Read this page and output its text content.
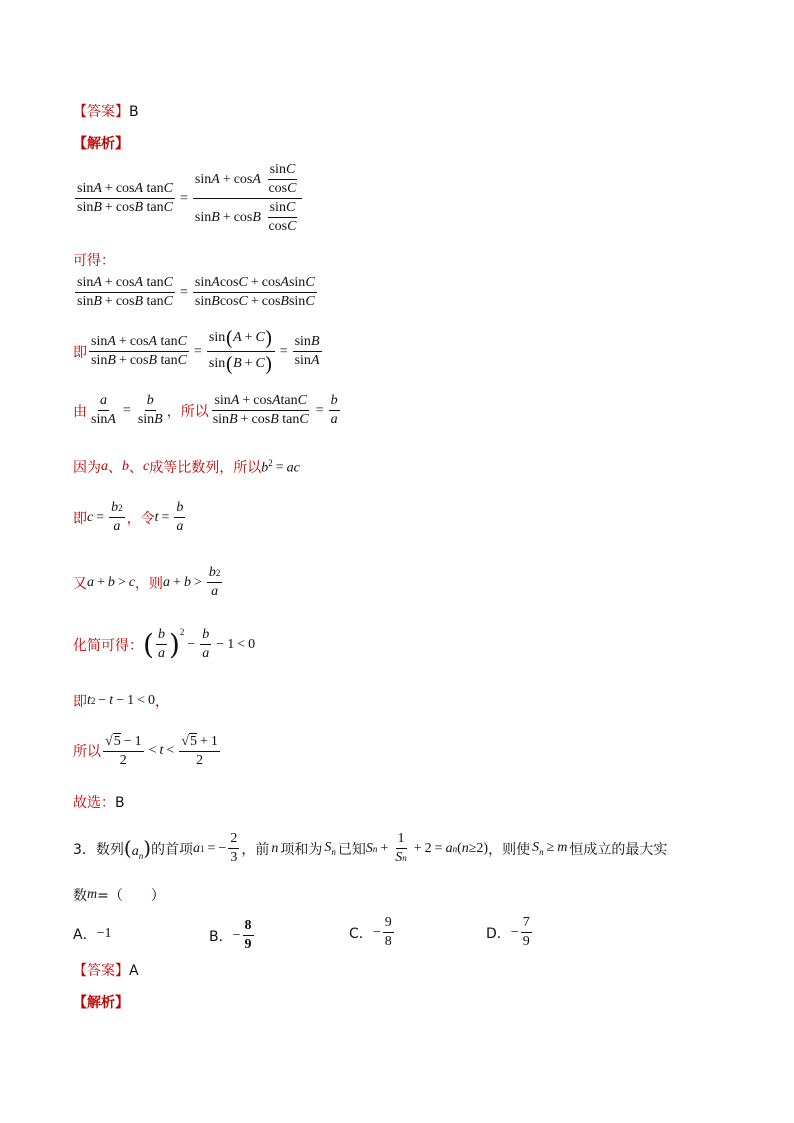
【答案】B
【解析】
$\frac{\text{sin A + cos A tan C}}{\text{sin B + cos B tan C}} = \sin A + \cos A$
$\frac{\text{sin C}}{\text{cos C}}$
sin B + cos B
$\frac{\text{sin C}}{\text{cos C}}$
可得：
$\frac{\text{sin A + cos A tan C}}{\text{sin B + cos B tan C}} = \frac{\text{sin A cos C + cos A sin C}}{\text{sin B cos C + cos B sin C}}$
即 $\frac{\text{sin A + cos A tan C}}{\text{sin B + cos B tan C}} = \frac{\sin ( A + C )}{\sin ( B + C )} = \frac{\text{sin B}}{\text{sin A}}$
由 $\frac{a}{\text{sin A}} = \frac{b}{\text{sin B}}$ ，所以 $\frac{\text{sin A + cos A tan C}}{\text{sin B + cos B tan C}} = \frac{b}{a}$
因为 a 、 b 、 c 成等比数列，所以 $b^2$ = ac
即 $c = \frac{b 2}{a}$ ，令 $t = \frac{b}{a}$
又 a + b > c ，则 $a + b > \frac{b 2}{a}$
化简可得： ( $\frac{b}{a}$ ) 2
− $\frac{b}{a} - 1 < 0$
即 t 2 − t − 1 < 0 ，
所以 $\frac{√ 5 - 1}{2} < t < \frac{√ 5 + 1}{2}$
故选：B
3． 数列 $(a_n)$ 的首项 a 1 = − $\frac{2}{3}$ ，前 n 项和为 $S_n$ 已知 S $n + \frac{1}{\text{S n}} + 2 = a$ n (n≥2) ，则使 $S_n \ge m$ 恒成立的最大实
数 m =（　　）
A． −1	B． − $\frac{8}{9}$	C． − $\frac{9}{8}$	D． − $\frac{7}{9}$
【答案】A
【解析】
